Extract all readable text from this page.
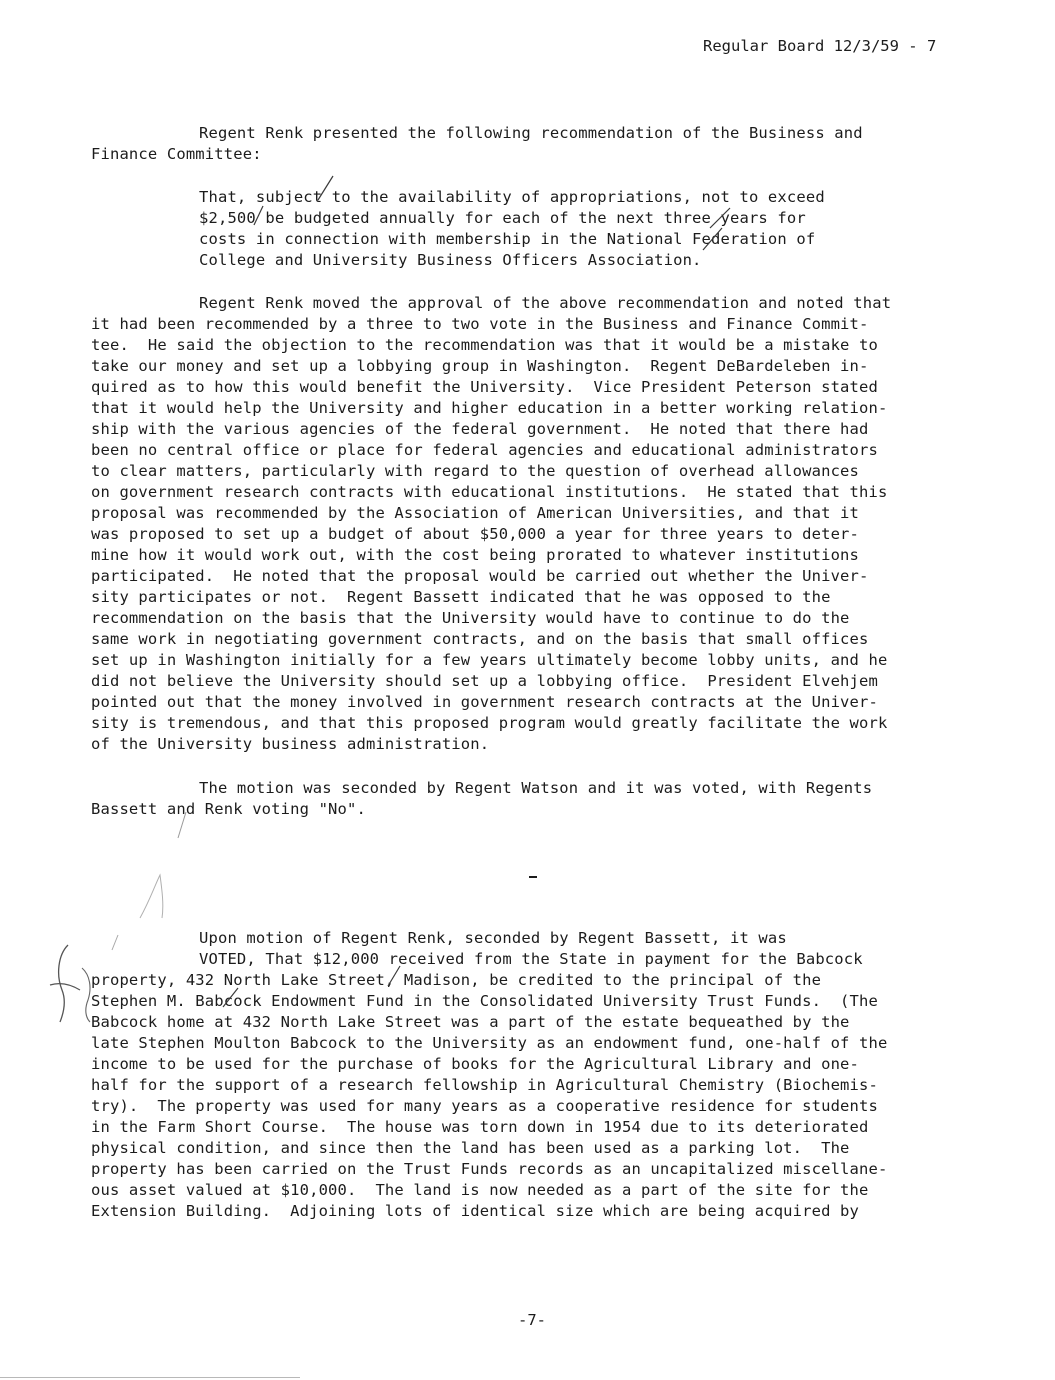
Regular Board 12/3/59 - 7
Regent Renk presented the following recommendation of the Business and
Finance Committee:
That, subject to the availability of appropriations, not to exceed
$2,500 be budgeted annually for each of the next three years for
costs in connection with membership in the National Federation of
College and University Business Officers Association.
Regent Renk moved the approval of the above recommendation and noted that
it had been recommended by a three to two vote in the Business and Finance Commit-
tee.  He said the objection to the recommendation was that it would be a mistake to
take our money and set up a lobbying group in Washington.  Regent DeBardeleben in-
quired as to how this would benefit the University.  Vice President Peterson stated
that it would help the University and higher education in a better working relation-
ship with the various agencies of the federal government.  He noted that there had
been no central office or place for federal agencies and educational administrators
to clear matters, particularly with regard to the question of overhead allowances
on government research contracts with educational institutions.  He stated that this
proposal was recommended by the Association of American Universities, and that it
was proposed to set up a budget of about $50,000 a year for three years to deter-
mine how it would work out, with the cost being prorated to whatever institutions
participated.  He noted that the proposal would be carried out whether the Univer-
sity participates or not.  Regent Bassett indicated that he was opposed to the
recommendation on the basis that the University would have to continue to do the
same work in negotiating government contracts, and on the basis that small offices
set up in Washington initially for a few years ultimately become lobby units, and he
did not believe the University should set up a lobbying office.  President Elvehjem
pointed out that the money involved in government research contracts at the Univer-
sity is tremendous, and that this proposed program would greatly facilitate the work
of the University business administration.
The motion was seconded by Regent Watson and it was voted, with Regents
Bassett and Renk voting "No".
Upon motion of Regent Renk, seconded by Regent Bassett, it was
VOTED, That $12,000 received from the State in payment for the Babcock
property, 432 North Lake Street, Madison, be credited to the principal of the
Stephen M. Babcock Endowment Fund in the Consolidated University Trust Funds.  (The
Babcock home at 432 North Lake Street was a part of the estate bequeathed by the
late Stephen Moulton Babcock to the University as an endowment fund, one-half of the
income to be used for the purchase of books for the Agricultural Library and one-
half for the support of a research fellowship in Agricultural Chemistry (Biochemis-
try).  The property was used for many years as a cooperative residence for students
in the Farm Short Course.  The house was torn down in 1954 due to its deteriorated
physical condition, and since then the land has been used as a parking lot.  The
property has been carried on the Trust Funds records as an uncapitalized miscellane-
ous asset valued at $10,000.  The land is now needed as a part of the site for the
Extension Building.  Adjoining lots of identical size which are being acquired by
-7-
